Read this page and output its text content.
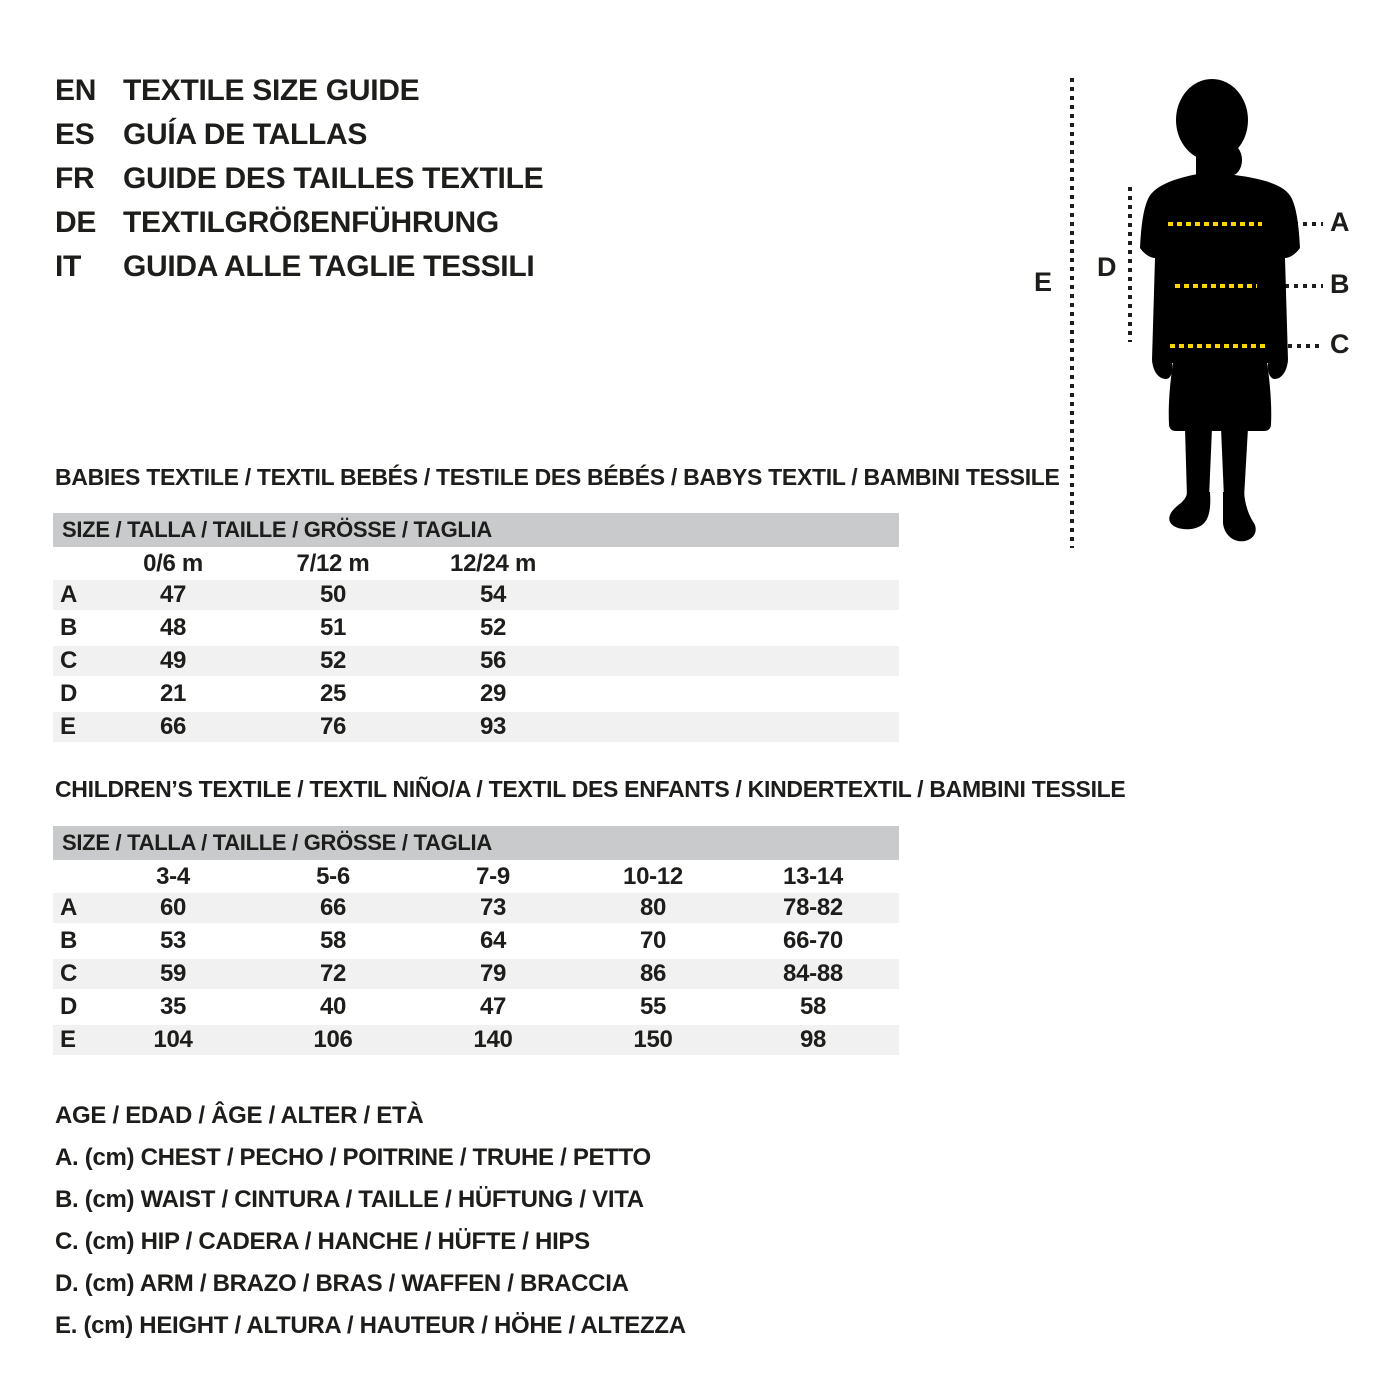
EN TEXTILE SIZE GUIDE
ES GUÍA DE TALLAS
FR GUIDE DES TAILLES TEXTILE
DE TEXTILGRÖßENFÜHRUNG
IT	GUIDA ALLE TAGLIE TESSILI	E D
A
B
C
BABIES TEXTILE / TEXTIL BEBÉS / TESTILE DES BÉBÉS / BABYS TEXTIL / BAMBINI TESSILE
SIZE / TALLA / TAILLE / GRÖSSE / TAGLIA
0/6 m	7/12 m	12/24 m
A	47	50	54
B	48	51	52
C	49	52	56
D	21	25	29
E	66	76	93
CHILDREN’S TEXTILE / TEXTIL NIÑO/A / TEXTIL DES ENFANTS / KINDERTEXTIL / BAMBINI TESSILE
SIZE / TALLA / TAILLE / GRÖSSE / TAGLIA
3-4	5-6	7-9	10-12	13-14
A	60	66	73	80	78-82
B	53	58	64	70	66-70
C	59	72	79	86	84-88
D	35	40	47	55	58
E	104	106	140	150	98
AGE / EDAD / ÂGE / ALTER / ETÀ
A. (cm) CHEST / PECHO / POITRINE / TRUHE / PETTO
B. (cm) WAIST / CINTURA / TAILLE / HÜFTUNG / VITA
C. (cm) HIP / CADERA / HANCHE / HÜFTE / HIPS
D. (cm) ARM / BRAZO / BRAS / WAFFEN / BRACCIA
E. (cm) HEIGHT / ALTURA / HAUTEUR / HÖHE / ALTEZZA
